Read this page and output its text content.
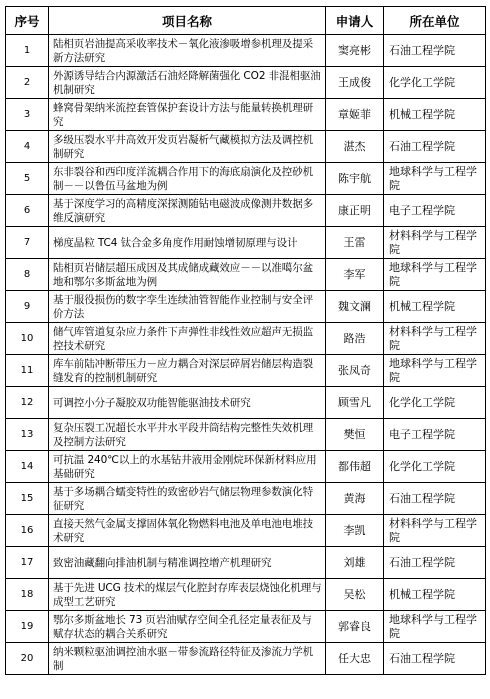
序号	项目名称	申请人	所在单位
1	陆相页岩油提高采收率技术－氧化液渗吸增参机理及提采新方法研究	窦亮彬	石油工程学院
2	外源诱导结合内源激活石油烃降解菌强化 CO2 非混相驱油机制研究	王成俊	化学化工学院
3	蜂窝骨架纳米流控套管保护套设计方法与能量转换机理研究	章姬菲	机械工程学院
4	多级压裂水平井高效开发页岩凝析气藏模拟方法及调控机制研究	湛杰	石油工程学院
5	东非裂谷和西印度洋流耦合作用下的海底扇演化及控砂机制－－以鲁伍马盆地为例	陈宇航	地球科学与工程学院
6	基于深度学习的高精度深探测随钻电磁波成像测井数据多维反演研究	康正明	电子工程学院
7	梯度晶粒 TC4 钛合金多角度作用耐蚀增韧原理与设计	王雷	材料科学与工程学院
8	陆相页岩储层超压成因及其成储成藏效应－－以准噶尔盆地和鄂尔多斯盆地为例	李军	地球科学与工程学院
9	基于服役损伤的数字孪生连续油管智能作业控制与安全评价方法	魏文澜	机械工程学院
10	储气库管道复杂应力条件下声弹性非线性效应超声无损监控技术研究	路浩	材料科学与工程学院
11	库车前陆冲断带压力－应力耦合对深层碎屑岩储层构造裂缝发育的控制机制研究	张凤奇	地球科学与工程学院
12	可调控小分子凝胶双功能智能驱油技术研究	顾雪凡	化学化工学院
13	复杂压裂工况超长水平井水平段井筒结构完整性失效机理及控制方法研究	樊恒	电子工程学院
14	可抗温 240℃以上的水基钻井液用金刚烷环保新材料应用基础研究	都伟超	化学化工学院
15	基于多场耦合蠕变特性的致密砂岩气储层物理参数演化特征研究	黄海	石油工程学院
16	直接天然气金属支撑固体氧化物燃料电池及单电池电堆技术研究	李凯	材料科学与工程学院
17	致密油藏翻向排油机制与精准调控增产机理研究	刘雄	石油工程学院
18	基于先进 UCG 技术的煤层气化腔封存库表层烧蚀化机理与成型工艺研究	吴松	机械工程学院
19	鄂尔多斯盆地长 73 页岩油赋存空间全孔径定量表征及与赋存状态的耦合关系研究	郭睿良	地球科学与工程学院
20	纳米颗粒驱油调控油水驱－带参流路径特征及渗流力学机制	任大忠	石油工程学院
